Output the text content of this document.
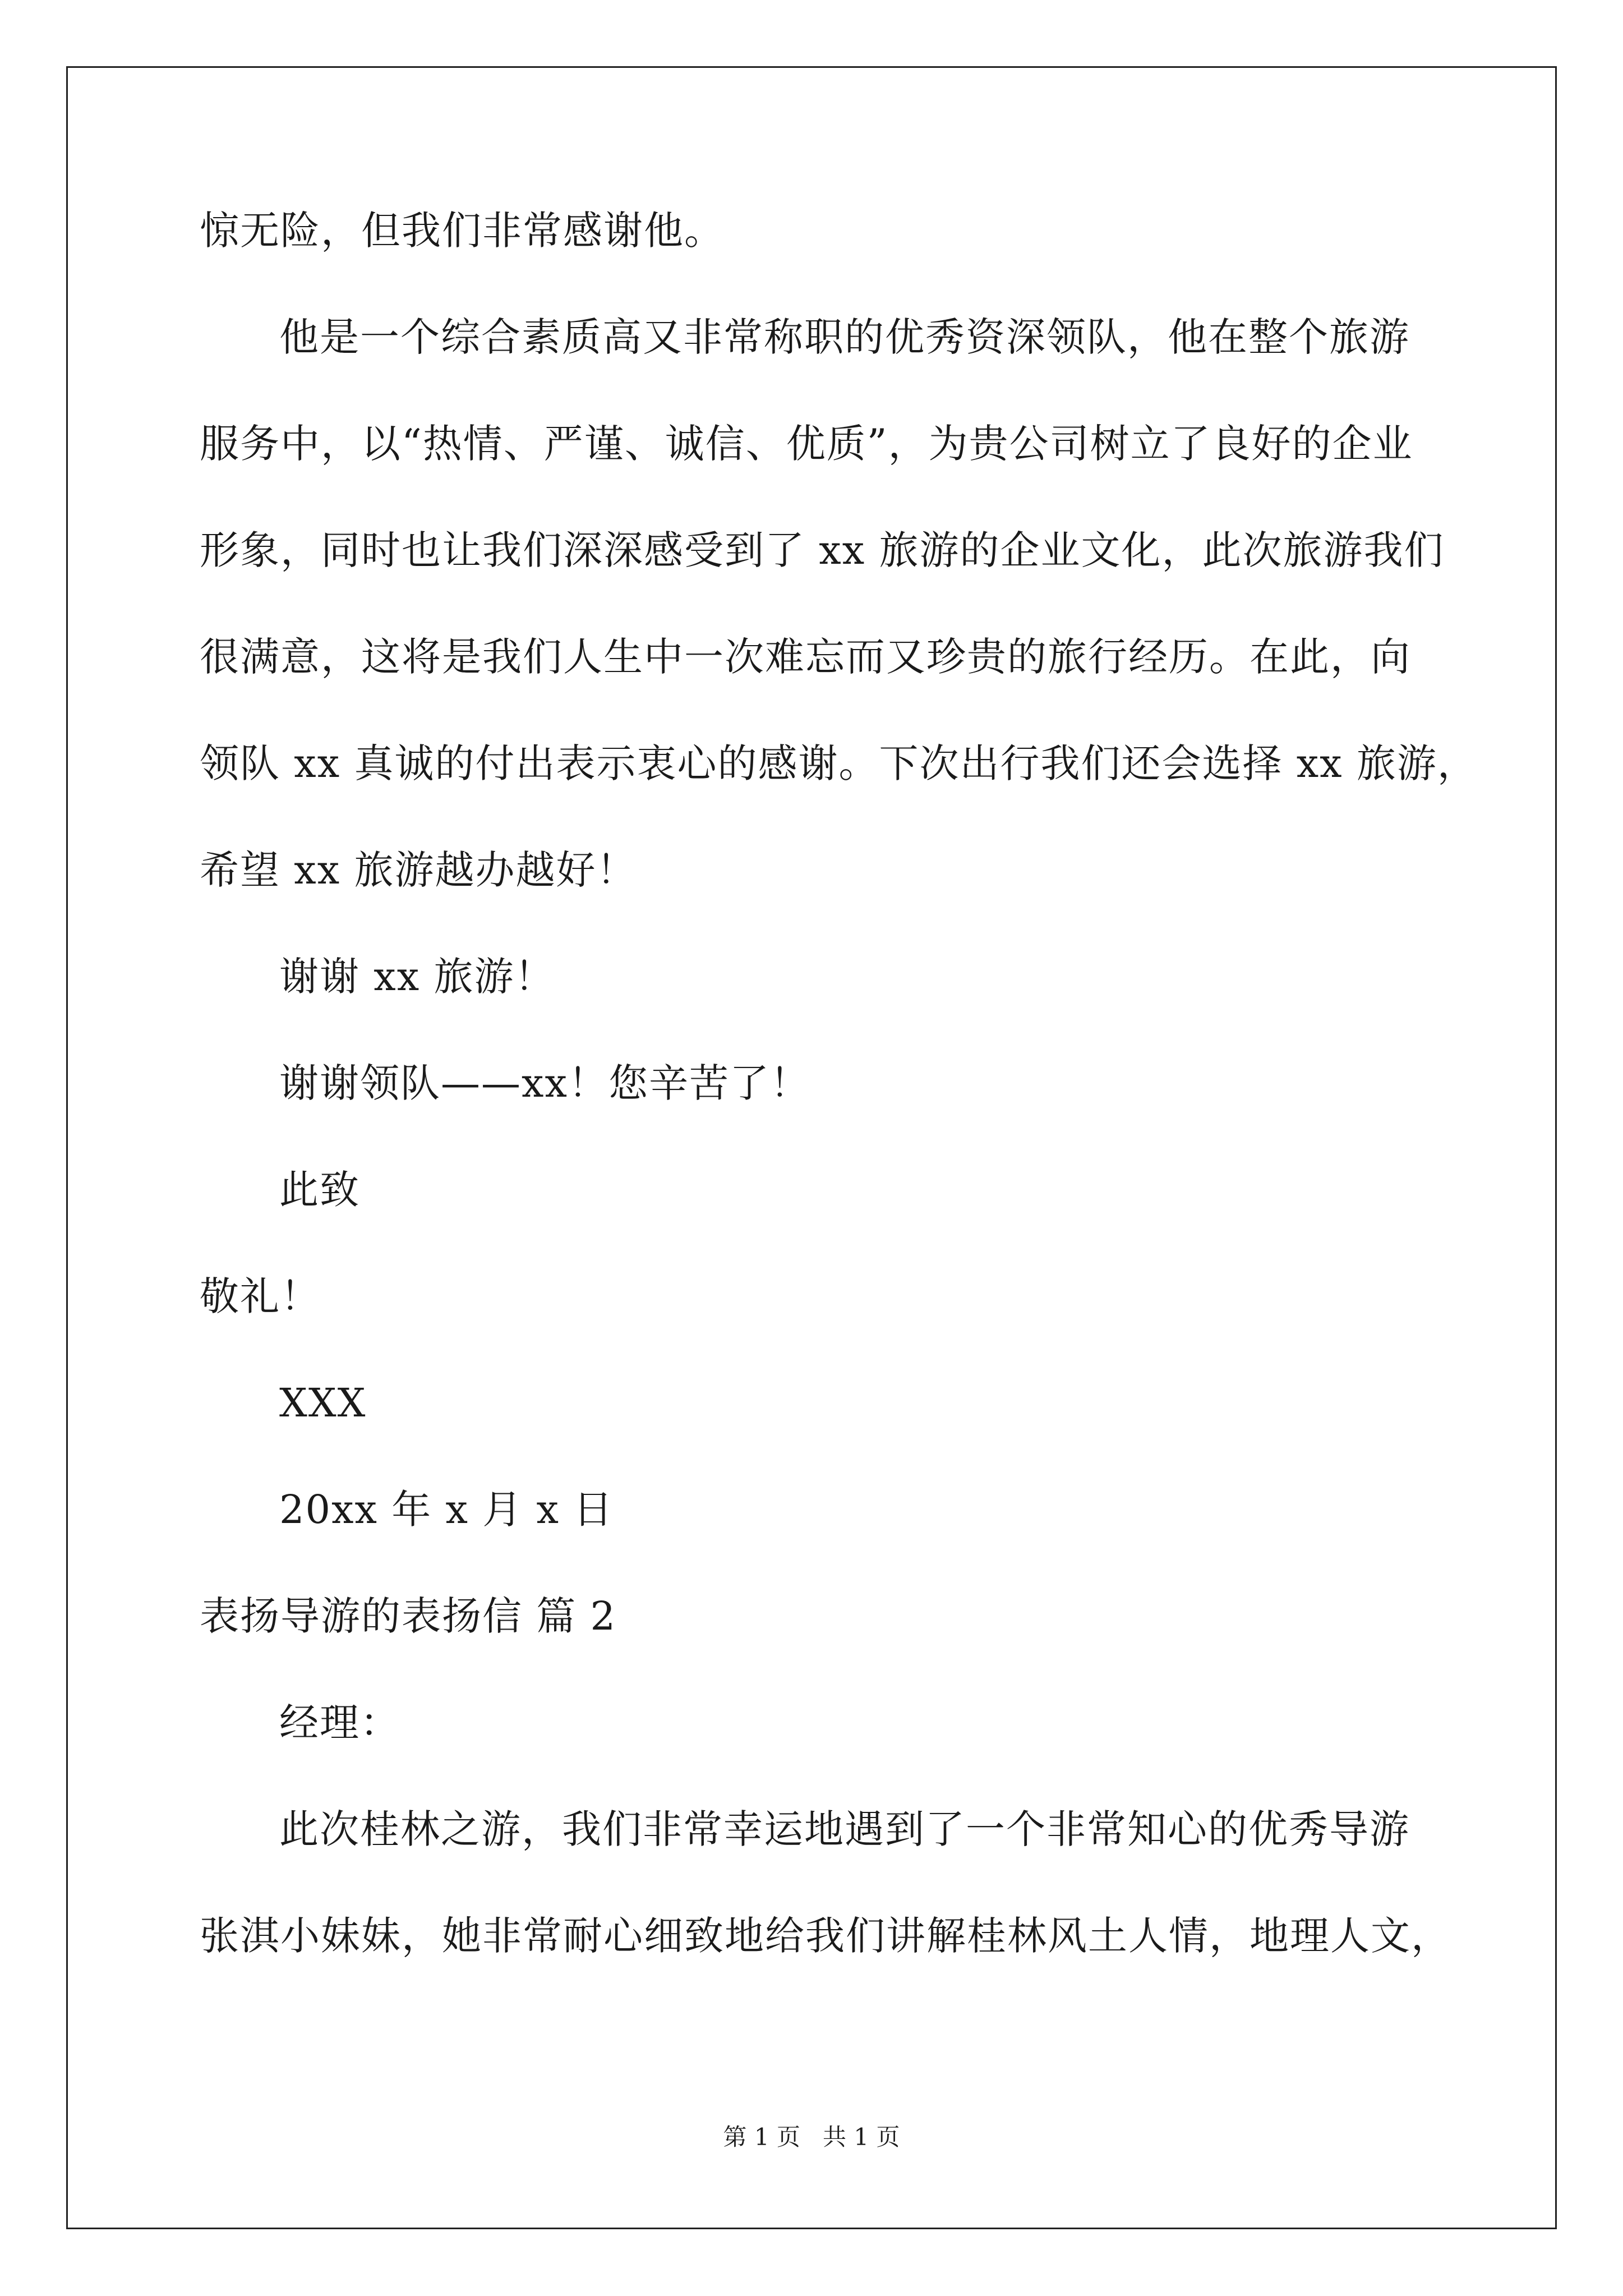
惊无险，但我们非常感谢他。
他是一个综合素质高又非常称职的优秀资深领队，他在整个旅游
服务中，以“热情、严谨、诚信、优质”，为贵公司树立了良好的企业
形象，同时也让我们深深感受到了 xx 旅游的企业文化，此次旅游我们
很满意，这将是我们人生中一次难忘而又珍贵的旅行经历。在此，向
领队 xx 真诚的付出表示衷心的感谢。下次出行我们还会选择 xx 旅游，
希望 xx 旅游越办越好！
谢谢 xx 旅游！
谢谢领队——xx！您辛苦了！
此致
敬礼！
XXX
20xx 年 x 月 x 日
表扬导游的表扬信 篇 2
经理：
此次桂林之游，我们非常幸运地遇到了一个非常知心的优秀导游
张淇小妹妹，她非常耐心细致地给我们讲解桂林风土人情，地理人文，
第 1 页   共 1 页
